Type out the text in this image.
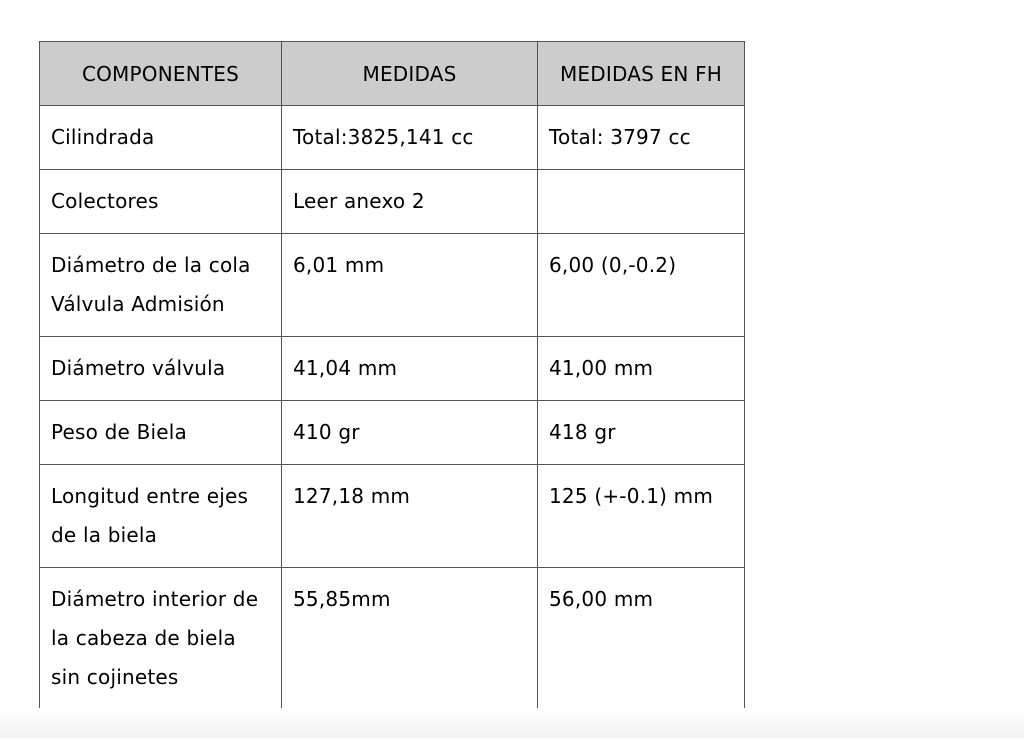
COMPONENTES	MEDIDAS	MEDIDAS EN FH
Cilindrada	Total:3825,141 cc	Total: 3797 cc
Colectores	Leer anexo 2	
Diámetro de la cola Válvula Admisión	6,01 mm	6,00 (0,-0.2)
Diámetro válvula	41,04 mm	41,00 mm
Peso de Biela	410 gr	418 gr
Longitud entre ejes de la biela	127,18 mm	125 (+-0.1) mm
Diámetro interior de la cabeza de biela sin cojinetes	55,85mm	56,00 mm
